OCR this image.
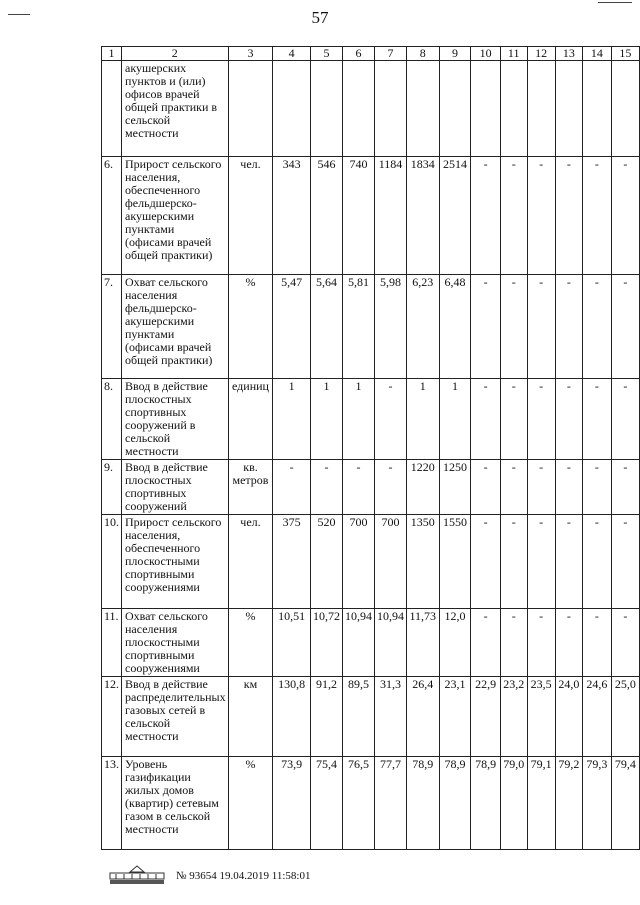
57
1	2	3	4	5	6	7	8	9	10	11	12	13	14	15
	акушерских пунктов и (или) офисов врачей общей практики в сельской местности													
6.	Прирост сельского населения, обеспеченного фельдшерско-акушерскими пунктами (офисами врачей общей практики)	чел.	343	546	740	1184	1834	2514	-	-	-	-	-	-
7.	Охват сельского населения фельдшерско-акушерскими пунктами (офисами врачей общей практики)	%	5,47	5,64	5,81	5,98	6,23	6,48	-	-	-	-	-	-
8.	Ввод в действие плоскостных спортивных сооружений в сельской местности	единиц	1	1	1	-	1	1	-	-	-	-	-	-
9.	Ввод в действие плоскостных спортивных сооружений	кв. метров	-	-	-	-	1220	1250	-	-	-	-	-	-
10.	Прирост сельского населения, обеспеченного плоскостными спортивными сооружениями	чел.	375	520	700	700	1350	1550	-	-	-	-	-	-
11.	Охват сельского населения плоскостными спортивными сооружениями	%	10,51	10,72	10,94	10,94	11,73	12,0	-	-	-	-	-	-
12.	Ввод в действие распределительных газовых сетей в сельской местности	км	130,8	91,2	89,5	31,3	26,4	23,1	22,9	23,2	23,5	24,0	24,6	25,0
13.	Уровень газификации жилых домов (квартир) сетевым газом в сельской местности	%	73,9	75,4	76,5	77,7	78,9	78,9	78,9	79,0	79,1	79,2	79,3	79,4
№ 93654 19.04.2019 11:58:01
